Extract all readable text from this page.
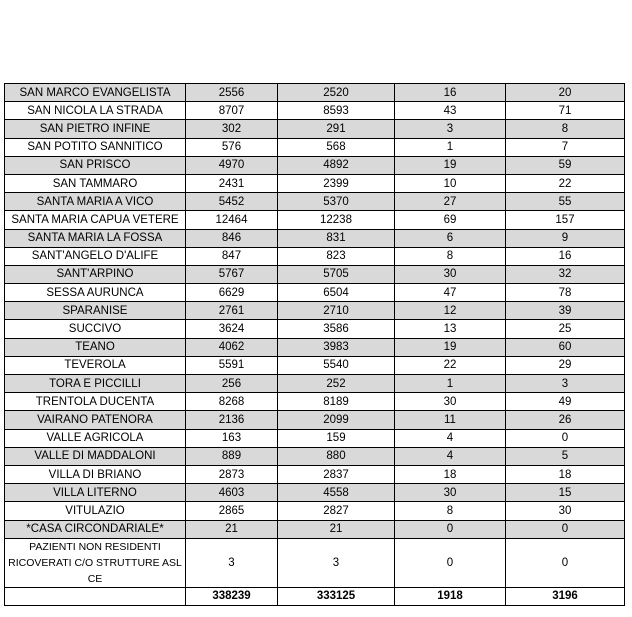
SAN MARCO EVANGELISTA	2556	2520	16	20
SAN NICOLA LA STRADA	8707	8593	43	71
SAN PIETRO INFINE	302	291	3	8
SAN POTITO SANNITICO	576	568	1	7
SAN PRISCO	4970	4892	19	59
SAN TAMMARO	2431	2399	10	22
SANTA MARIA A VICO	5452	5370	27	55
SANTA MARIA CAPUA VETERE	12464	12238	69	157
SANTA MARIA LA FOSSA	846	831	6	9
SANT'ANGELO D'ALIFE	847	823	8	16
SANT'ARPINO	5767	5705	30	32
SESSA AURUNCA	6629	6504	47	78
SPARANISE	2761	2710	12	39
SUCCIVO	3624	3586	13	25
TEANO	4062	3983	19	60
TEVEROLA	5591	5540	22	29
TORA E PICCILLI	256	252	1	3
TRENTOLA DUCENTA	8268	8189	30	49
VAIRANO PATENORA	2136	2099	11	26
VALLE AGRICOLA	163	159	4	0
VALLE DI MADDALONI	889	880	4	5
VILLA DI BRIANO	2873	2837	18	18
VILLA LITERNO	4603	4558	30	15
VITULAZIO	2865	2827	8	30
*CASA CIRCONDARIALE*	21	21	0	0
PAZIENTI NON RESIDENTI RICOVERATI C/O STRUTTURE ASL CE	3	3	0	0
	338239	333125	1918	3196
